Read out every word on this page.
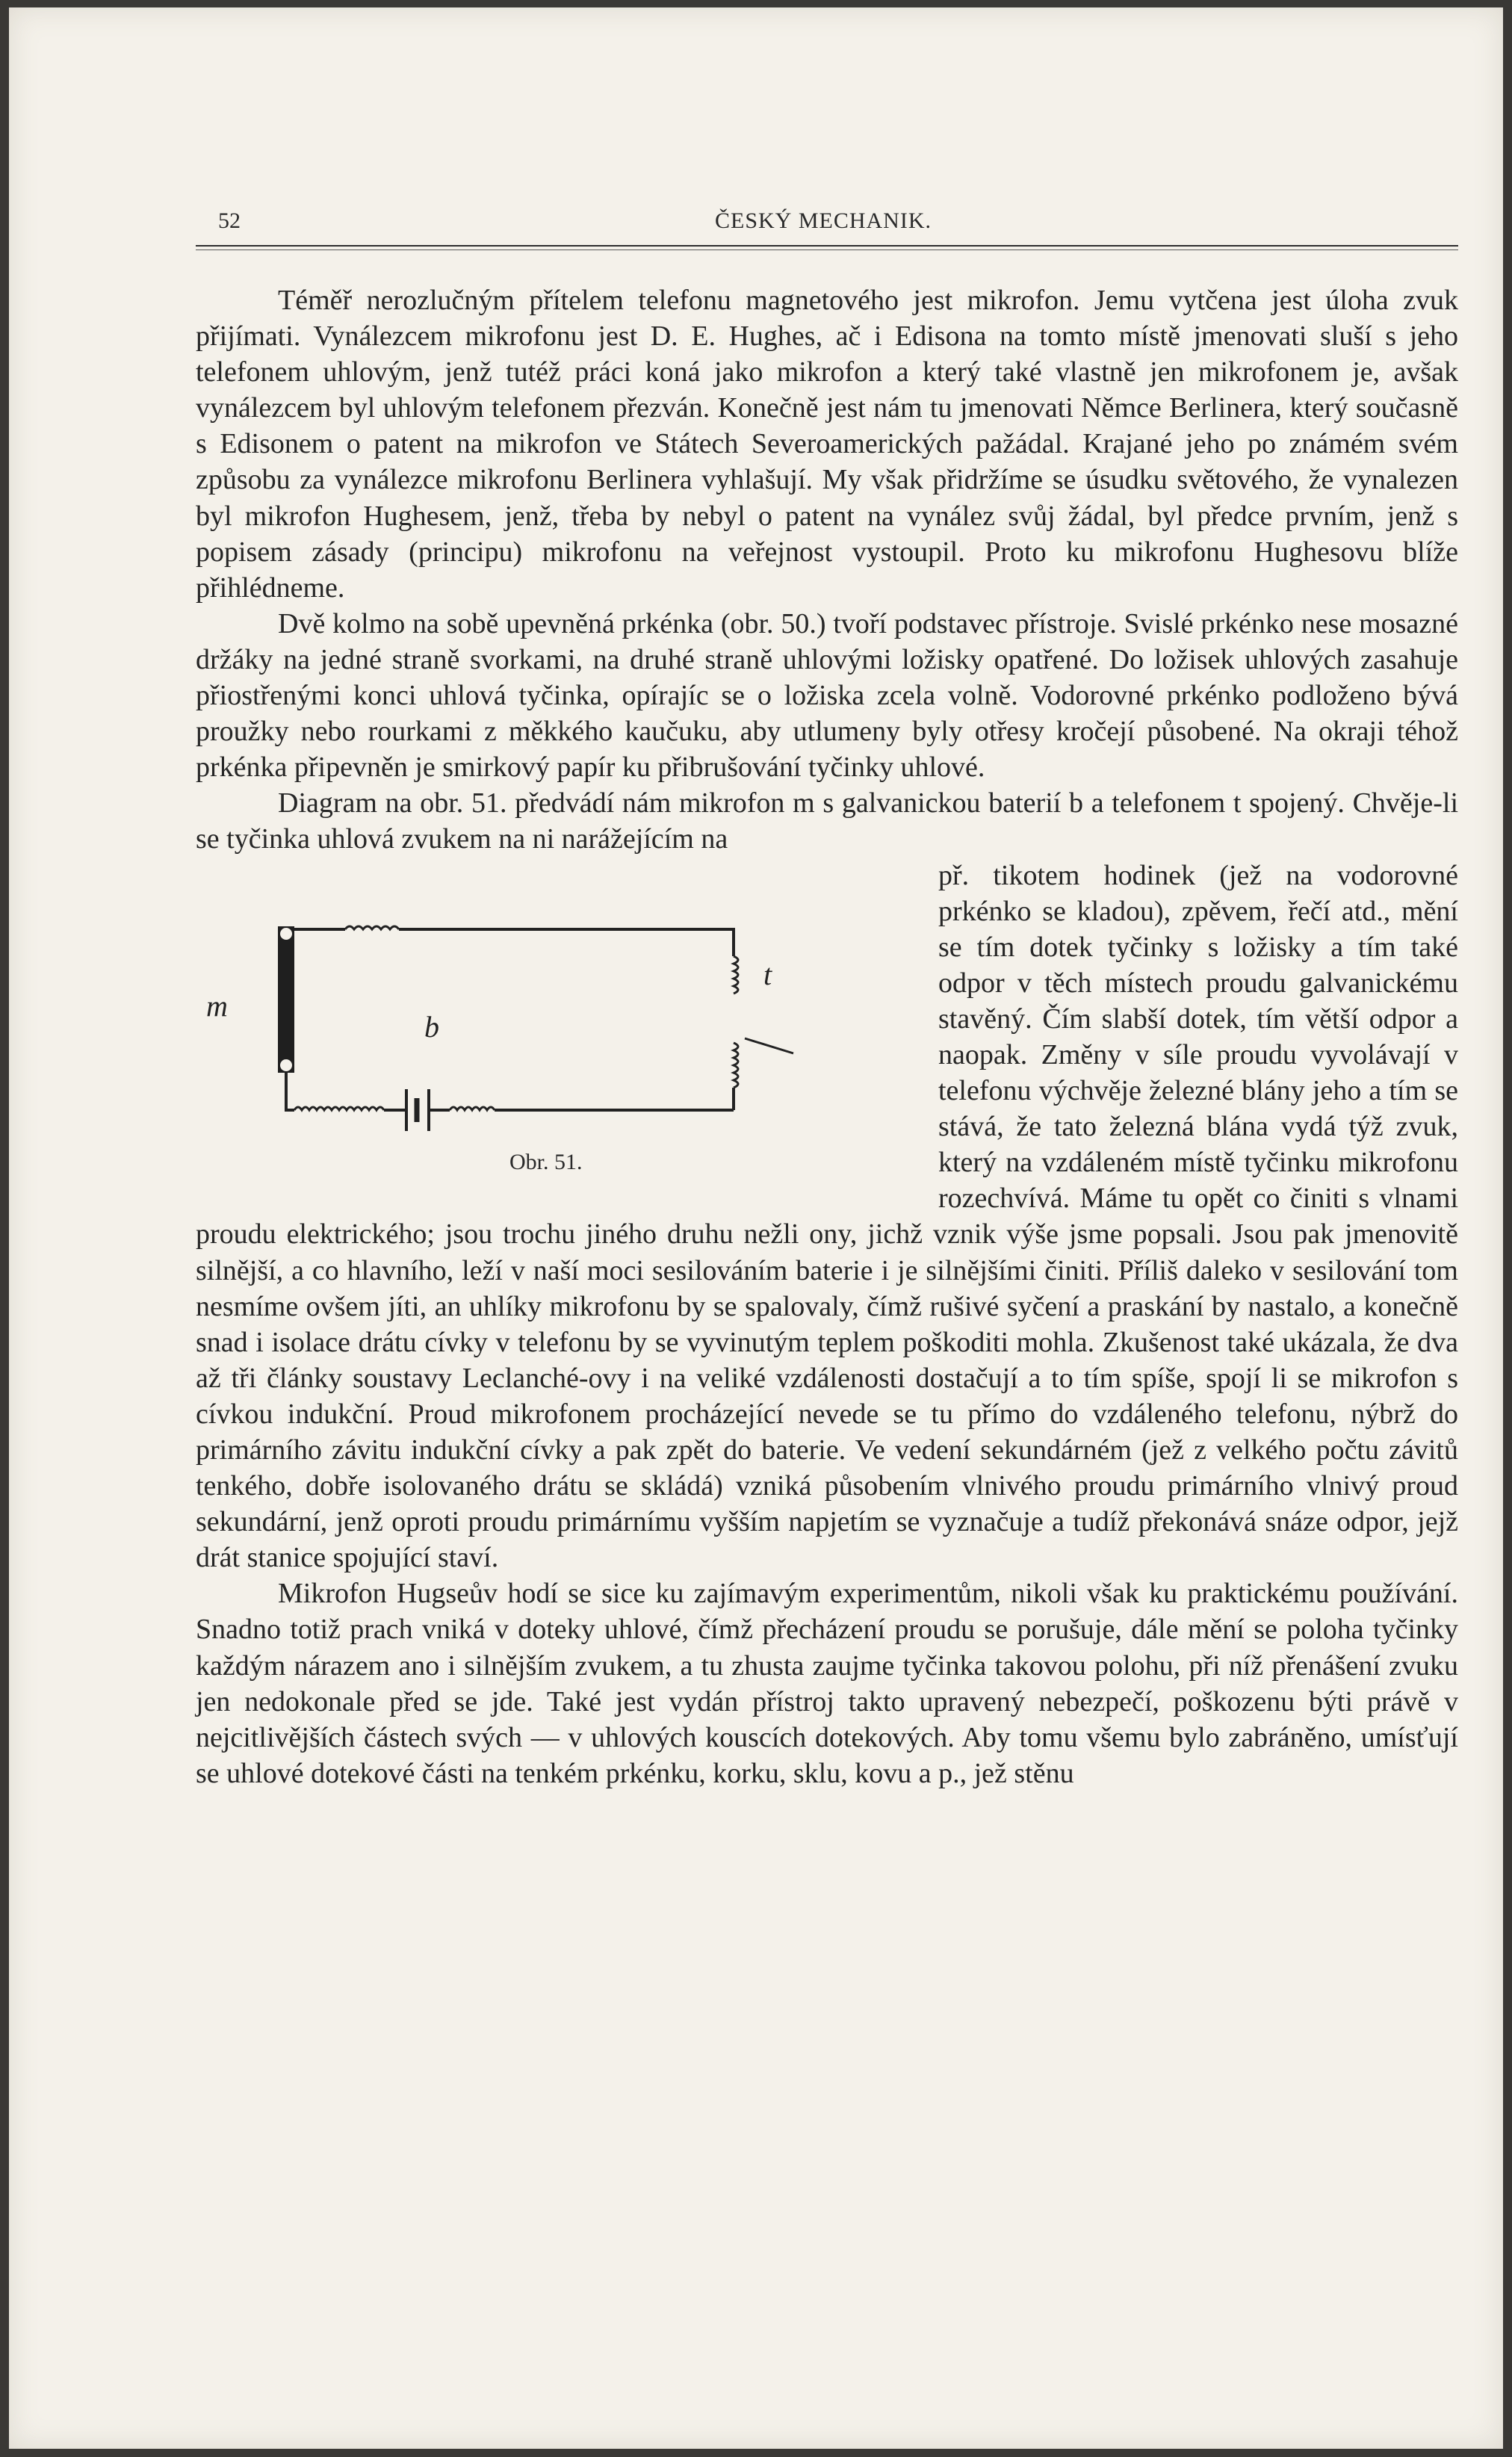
52	ČESKÝ MECHANIK.

Téměř nerozlučným přítelem telefonu magnetového jest mikrofon. Jemu vytčena jest úloha zvuk přijímati. Vynálezcem mikrofonu jest D. E. Hughes, ač i Edisona na tomto místě jmenovati sluší s jeho telefonem uhlovým, jenž tutéž práci koná jako mikrofon a který také vlastně jen mikrofonem je, avšak vynálezcem byl uhlovým telefonem přezván. Konečně jest nám tu jmenovati Němce Berlinera, který současně s Edisonem o patent na mikrofon ve Státech Severoamerických pažádal. Krajané jeho po známém svém způsobu za vynálezce mikrofonu Berlinera vyhlašují. My však přidržíme se úsudku světového, že vynalezen byl mikrofon Hughesem, jenž, třeba by nebyl o patent na vynález svůj žádal, byl předce prvním, jenž s popisem zásady (principu) mikrofonu na veřejnost vystoupil. Proto ku mikrofonu Hughesovu blíže přihlédneme.

Dvě kolmo na sobě upevněná prkénka (obr. 50.) tvoří podstavec přístroje. Svislé prkénko nese mosazné držáky na jedné straně svorkami, na druhé straně uhlovými ložisky opatřené. Do ložisek uhlových zasahuje přiostřenými konci uhlová tyčinka, opírajíc se o ložiska zcela volně. Vodorovné prkénko podloženo bývá proužky nebo rourkami z měkkého kaučuku, aby utlumeny byly otřesy kročejí působené. Na okraji téhož prkénka připevněn je smirkový papír ku přibrušování tyčinky uhlové.

Diagram na obr. 51. předvádí nám mikrofon m s galvanickou baterií b a telefonem t spojený. Chvěje-li se tyčinka uhlová zvukem na ni narážejícím na

m
b
t
Obr. 51.

př. tikotem hodinek (jež na vodorovné prkénko se kladou), zpěvem, řečí atd., mění se tím dotek tyčinky s ložisky a tím také odpor v těch místech proudu galvanickému stavěný. Čím slabší dotek, tím větší odpor a naopak. Změny v síle proudu vyvolávají v telefonu výchvěje železné blány jeho a tím se stává, že tato železná blána vydá týž zvuk, který na vzdáleném místě tyčinku mikrofonu rozechvívá. Máme tu opět co činiti s vlnami proudu elektrického; jsou trochu jiného druhu nežli ony, jichž vznik výše jsme popsali. Jsou pak jmenovitě silnější, a co hlavního, leží v naší moci sesilováním baterie i je silnějšími činiti. Příliš daleko v sesilování tom nesmíme ovšem jíti, an uhlíky mikrofonu by se spalovaly, čímž rušivé syčení a praskání by nastalo, a konečně snad i isolace drátu cívky v telefonu by se vyvinutým teplem poškoditi mohla. Zkušenost také ukázala, že dva až tři články soustavy Leclanché-ovy i na veliké vzdálenosti dostačují a to tím spíše, spojí li se mikrofon s cívkou indukční. Proud mikrofonem procházející nevede se tu přímo do vzdáleného telefonu, nýbrž do primárního závitu indukční cívky a pak zpět do baterie. Ve vedení sekundárném (jež z velkého počtu závitů tenkého, dobře isolovaného drátu se skládá) vzniká působením vlnivého proudu primárního vlnivý proud sekundární, jenž oproti proudu primárnímu vyšším napjetím se vyznačuje a tudíž překonává snáze odpor, jejž drát stanice spojující staví.

Mikrofon Hugseův hodí se sice ku zajímavým experimentům, nikoli však ku praktickému používání. Snadno totiž prach vniká v doteky uhlové, čímž přecházení proudu se porušuje, dále mění se poloha tyčinky každým nárazem ano i silnějším zvukem, a tu zhusta zaujme tyčinka takovou polohu, při níž přenášení zvuku jen nedokonale před se jde. Také jest vydán přístroj takto upravený nebezpečí, poškozenu býti právě v nejcitlivějších částech svých — v uhlových kouscích dotekových. Aby tomu všemu bylo zabráněno, umísťují se uhlové dotekové části na tenkém prkénku, korku, sklu, kovu a p., jež stěnu
